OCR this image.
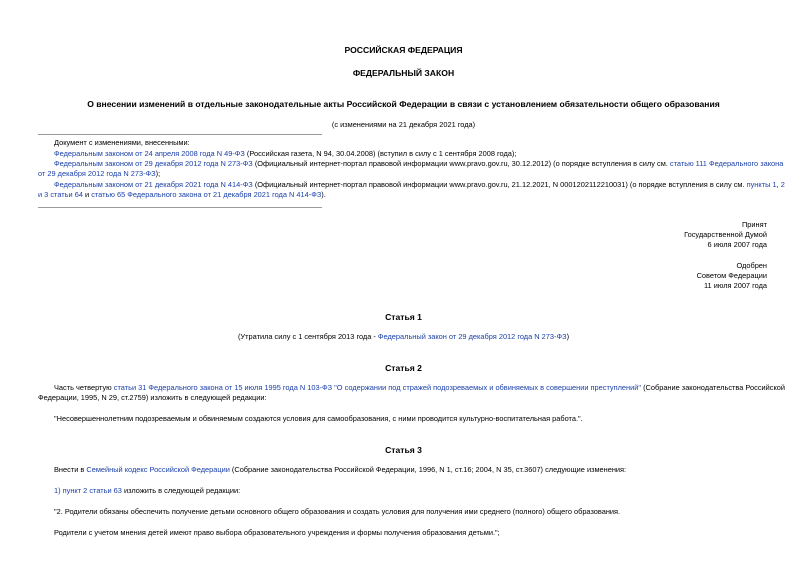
РОССИЙСКАЯ ФЕДЕРАЦИЯ
ФЕДЕРАЛЬНЫЙ ЗАКОН
О внесении изменений в отдельные законодательные акты Российской Федерации в связи с установлением обязательности общего образования
(с изменениями на 21 декабря 2021 года)
Документ с изменениями, внесенными:
Федеральным законом от 24 апреля 2008 года N 49-ФЗ (Российская газета, N 94, 30.04.2008) (вступил в силу с 1 сентября 2008 года);
Федеральным законом от 29 декабря 2012 года N 273-ФЗ (Официальный интернет-портал правовой информации www.pravo.gov.ru, 30.12.2012) (о порядке вступления в силу см. статью 111 Федерального закона
от 29 декабря 2012 года N 273-ФЗ);
Федеральным законом от 21 декабря 2021 года N 414-ФЗ (Официальный интернет-портал правовой информации www.pravo.gov.ru, 21.12.2021, N 0001202112210031) (о порядке вступления в силу см. пункты 1, 2
и 3 статьи 64 и статью 65 Федерального закона от 21 декабря 2021 года N 414-ФЗ).
Принят
Государственной Думой
6 июля 2007 года
Одобрен
Советом Федерации
11 июля 2007 года
Статья 1
(Утратила силу с 1 сентября 2013 года - Федеральный закон от 29 декабря 2012 года N 273-ФЗ)
Статья 2
Часть четвертую статьи 31 Федерального закона от 15 июля 1995 года N 103-ФЗ "О содержании под стражей подозреваемых и обвиняемых в совершении преступлений" (Собрание законодательства Российской
Федерации, 1995, N 29, ст.2759) изложить в следующей редакции:
"Несовершеннолетним подозреваемым и обвиняемым создаются условия для самообразования, с ними проводится культурно-воспитательная работа.".
Статья 3
Внести в Семейный кодекс Российской Федерации (Собрание законодательства Российской Федерации, 1996, N 1, ст.16; 2004, N 35, ст.3607) следующие изменения:
1) пункт 2 статьи 63 изложить в следующей редакции:
"2. Родители обязаны обеспечить получение детьми основного общего образования и создать условия для получения ими среднего (полного) общего образования.
Родители с учетом мнения детей имеют право выбора образовательного учреждения и формы получения образования детьми.";
